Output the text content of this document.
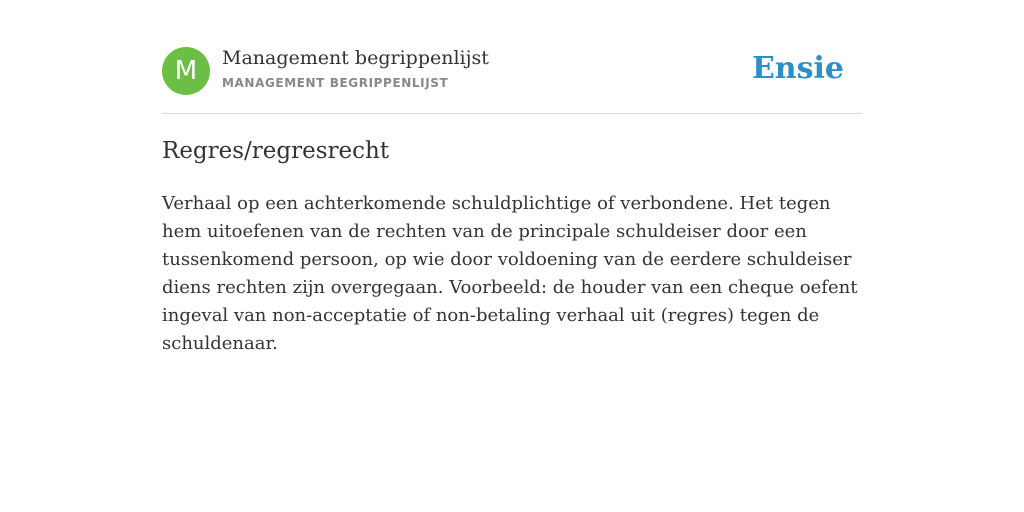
M	Management begrippenlijst
MANAGEMENT BEGRIPPENLIJST	Ensie
Regres/regresrecht

Verhaal op een achterkomende schuldplichtige of verbondene. Het tegen hem uitoefenen van de rechten van de principale schuldeiser door een tussenkomend persoon, op wie door voldoening van de eerdere schuldeiser diens rechten zijn overgegaan. Voorbeeld: de houder van een cheque oefent ingeval van non-acceptatie of non-betaling verhaal uit (regres) tegen de schuldenaar.
